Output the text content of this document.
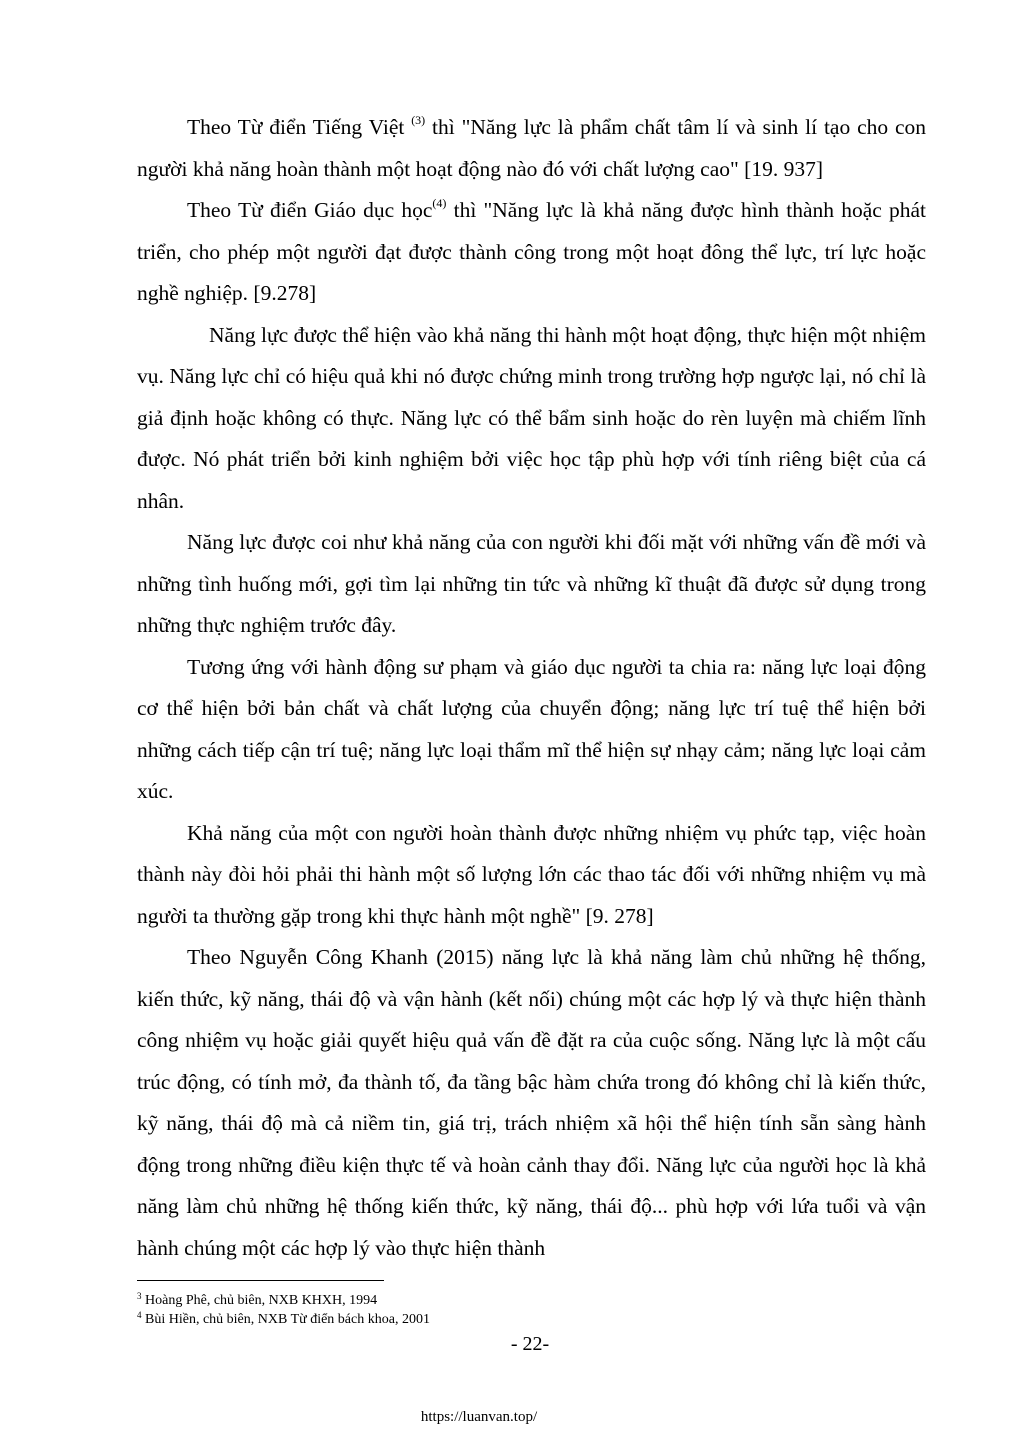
Theo Từ điển Tiếng Việt $^{(3)}$ thì "Năng lực là phẩm chất tâm lí và sinh lí tạo cho con người khả năng hoàn thành một hoạt động nào đó với chất lượng cao" [19. 937]

Theo Từ điển Giáo dục học$^{(4)}$ thì "Năng lực là khả năng được hình thành hoặc phát triển, cho phép một người đạt được thành công trong một hoạt đông thể lực, trí lực hoặc nghề nghiệp. [9.278]

Năng lực được thể hiện vào khả năng thi hành một hoạt động, thực hiện một nhiệm vụ. Năng lực chỉ có hiệu quả khi nó được chứng minh trong trường hợp ngược lại, nó chỉ là giả định hoặc không có thực. Năng lực có thể bẩm sinh hoặc do rèn luyện mà chiếm lĩnh được. Nó phát triển bởi kinh nghiệm bởi việc học tập phù hợp với tính riêng biệt của cá nhân.

Năng lực được coi như khả năng của con người khi đối mặt với những vấn đề mới và những tình huống mới, gợi tìm lại những tin tức và những kĩ thuật đã được sử dụng trong những thực nghiệm trước đây.

Tương ứng với hành động sư phạm và giáo dục người ta chia ra: năng lực loại động cơ thể hiện bởi bản chất và chất lượng của chuyển động; năng lực trí tuệ thể hiện bởi những cách tiếp cận trí tuệ; năng lực loại thẩm mĩ thể hiện sự nhạy cảm; năng lực loại cảm xúc.

Khả năng của một con người hoàn thành được những nhiệm vụ phức tạp, việc hoàn thành này đòi hỏi phải thi hành một số lượng lớn các thao tác đối với những nhiệm vụ mà người ta thường gặp trong khi thực hành một nghề" [9. 278]

Theo Nguyễn Công Khanh (2015) năng lực là khả năng làm chủ những hệ thống, kiến thức, kỹ năng, thái độ và vận hành (kết nối) chúng một các hợp lý và thực hiện thành công nhiệm vụ hoặc giải quyết hiệu quả vấn đề đặt ra của cuộc sống. Năng lực là một cấu trúc động, có tính mở, đa thành tố, đa tầng bậc hàm chứa trong đó không chỉ là kiến thức, kỹ năng, thái độ mà cả niềm tin, giá trị, trách nhiệm xã hội thể hiện tính sẵn sàng hành động trong những điều kiện thực tế và hoàn cảnh thay đổi. Năng lực của người học là khả năng làm chủ những hệ thống kiến thức, kỹ năng, thái độ... phù hợp với lứa tuổi và vận hành chúng một các hợp lý vào thực hiện thành

$^3$ Hoàng Phê, chủ biên, NXB KHXH, 1994

$^4$ Bùi Hiền, chủ biên, NXB Từ điển bách khoa, 2001

- 22-
https://luanvan.top/
